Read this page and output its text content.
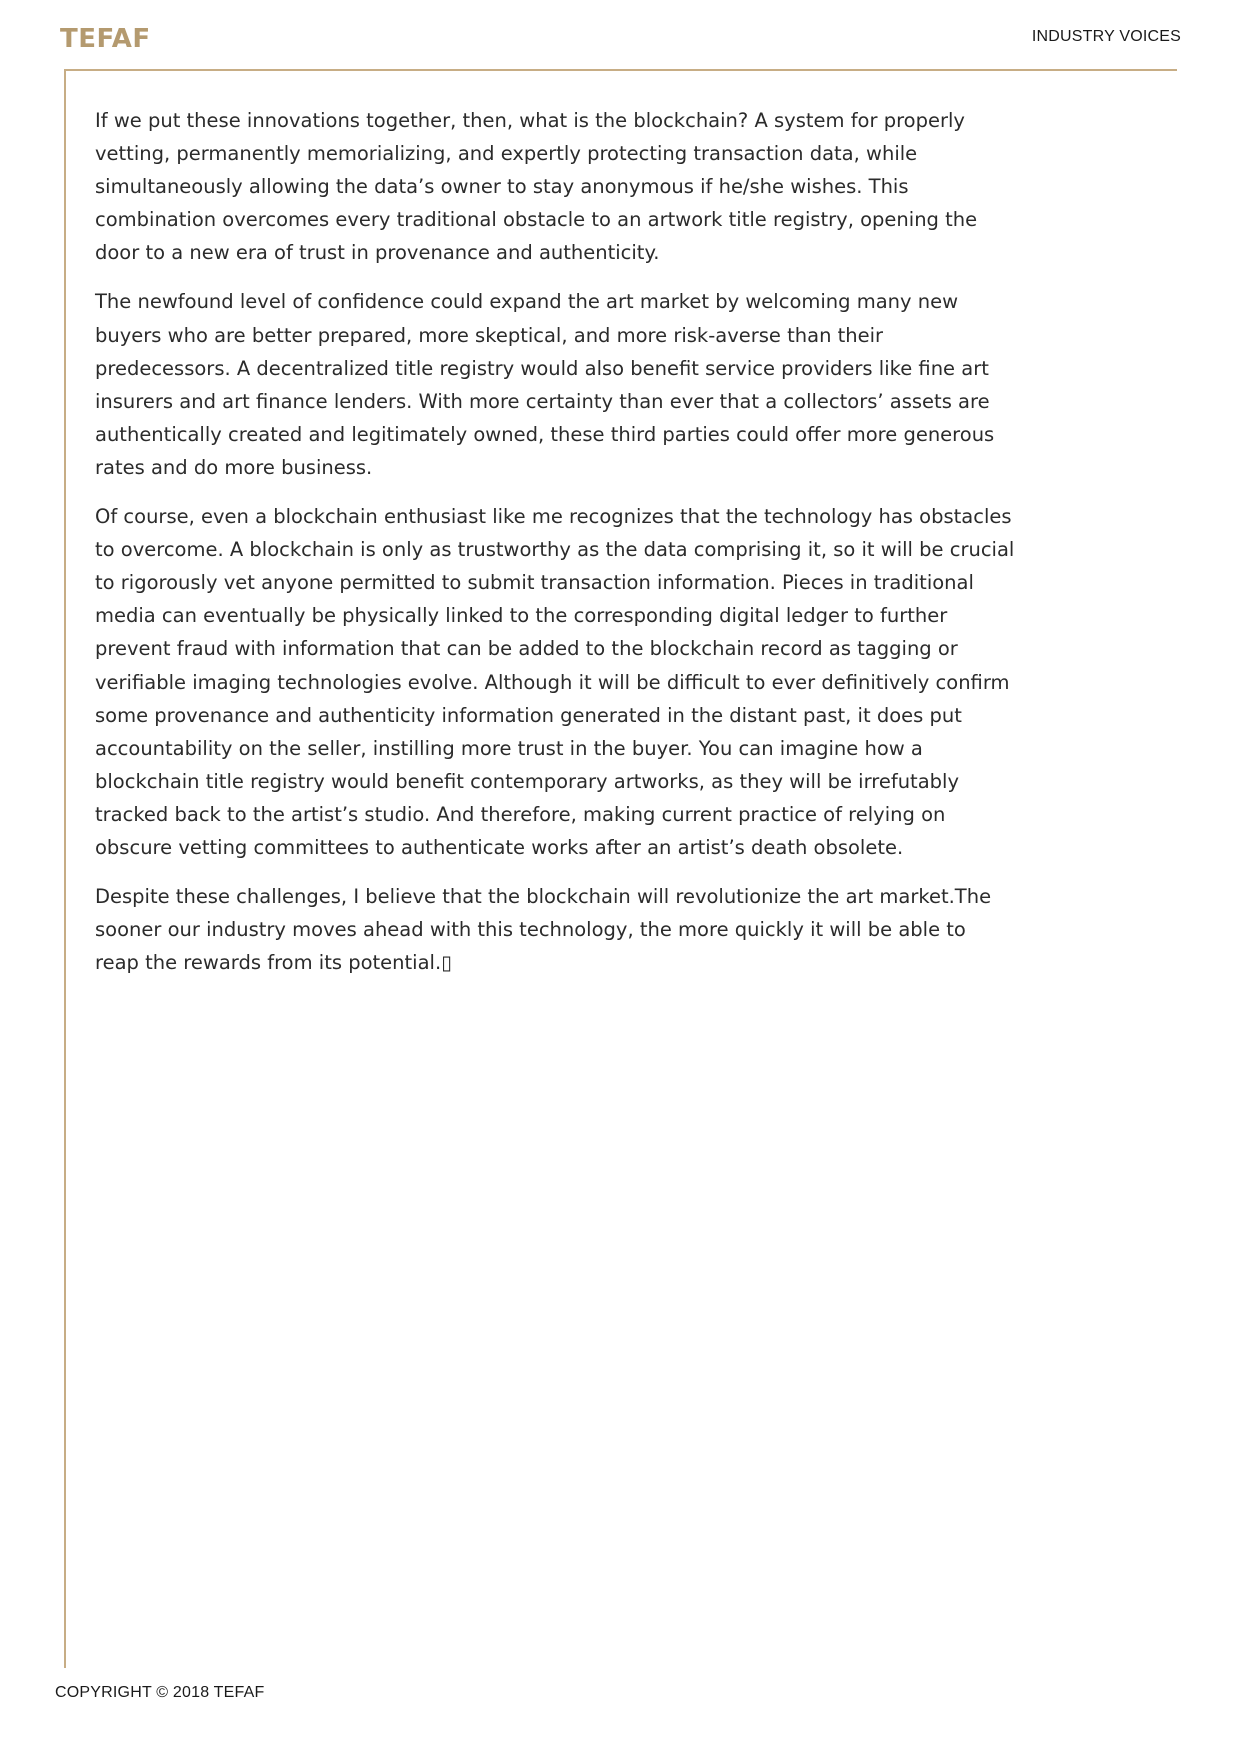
TEFAF	INDUSTRY VOICES

If we put these innovations together, then, what is the blockchain? A system for properly vetting, permanently memorializing, and expertly protecting transaction data, while simultaneously allowing the data’s owner to stay anonymous if he/she wishes. This combination overcomes every traditional obstacle to an artwork title registry, opening the door to a new era of trust in provenance and authenticity.

The newfound level of confidence could expand the art market by welcoming many new buyers who are better prepared, more skeptical, and more risk-averse than their predecessors. A decentralized title registry would also benefit service providers like fine art insurers and art finance lenders. With more certainty than ever that a collectors’ assets are authentically created and legitimately owned, these third parties could offer more generous rates and do more business.

Of course, even a blockchain enthusiast like me recognizes that the technology has obstacles to overcome. A blockchain is only as trustworthy as the data comprising it, so it will be crucial to rigorously vet anyone permitted to submit transaction information. Pieces in traditional media can eventually be physically linked to the corresponding digital ledger to further prevent fraud with information that can be added to the blockchain record as tagging or verifiable imaging technologies evolve. Although it will be difficult to ever definitively confirm some provenance and authenticity information generated in the distant past, it does put accountability on the seller, instilling more trust in the buyer. You can imagine how a blockchain title registry would benefit contemporary artworks, as they will be irrefutably tracked back to the artist’s studio. And therefore, making current practice of relying on obscure vetting committees to authenticate works after an artist’s death obsolete.

Despite these challenges, I believe that the blockchain will revolutionize the art market.The sooner our industry moves ahead with this technology, the more quickly it will be able to reap the rewards from its potential.▯

COPYRIGHT © 2018 TEFAF
